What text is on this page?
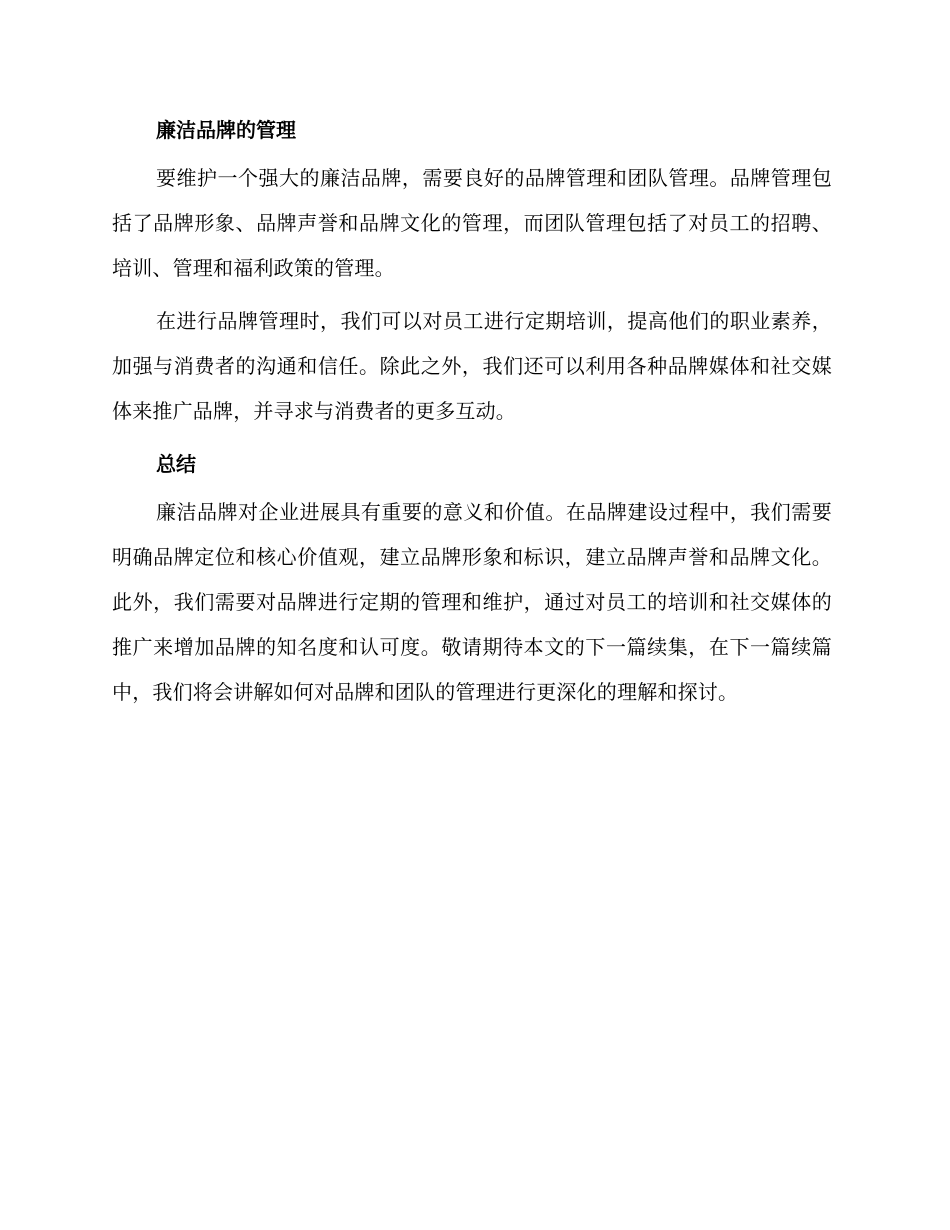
廉洁品牌的管理

要维护一个强大的廉洁品牌，需要良好的品牌管理和团队管理。品牌管理包括了品牌形象、品牌声誉和品牌文化的管理，而团队管理包括了对员工的招聘、培训、管理和福利政策的管理。

在进行品牌管理时，我们可以对员工进行定期培训，提高他们的职业素养，加强与消费者的沟通和信任。除此之外，我们还可以利用各种品牌媒体和社交媒体来推广品牌，并寻求与消费者的更多互动。

总结

廉洁品牌对企业进展具有重要的意义和价值。在品牌建设过程中，我们需要明确品牌定位和核心价值观，建立品牌形象和标识，建立品牌声誉和品牌文化。此外，我们需要对品牌进行定期的管理和维护，通过对员工的培训和社交媒体的推广来增加品牌的知名度和认可度。敬请期待本文的下一篇续集，在下一篇续篇中，我们将会讲解如何对品牌和团队的管理进行更深化的理解和探讨。
